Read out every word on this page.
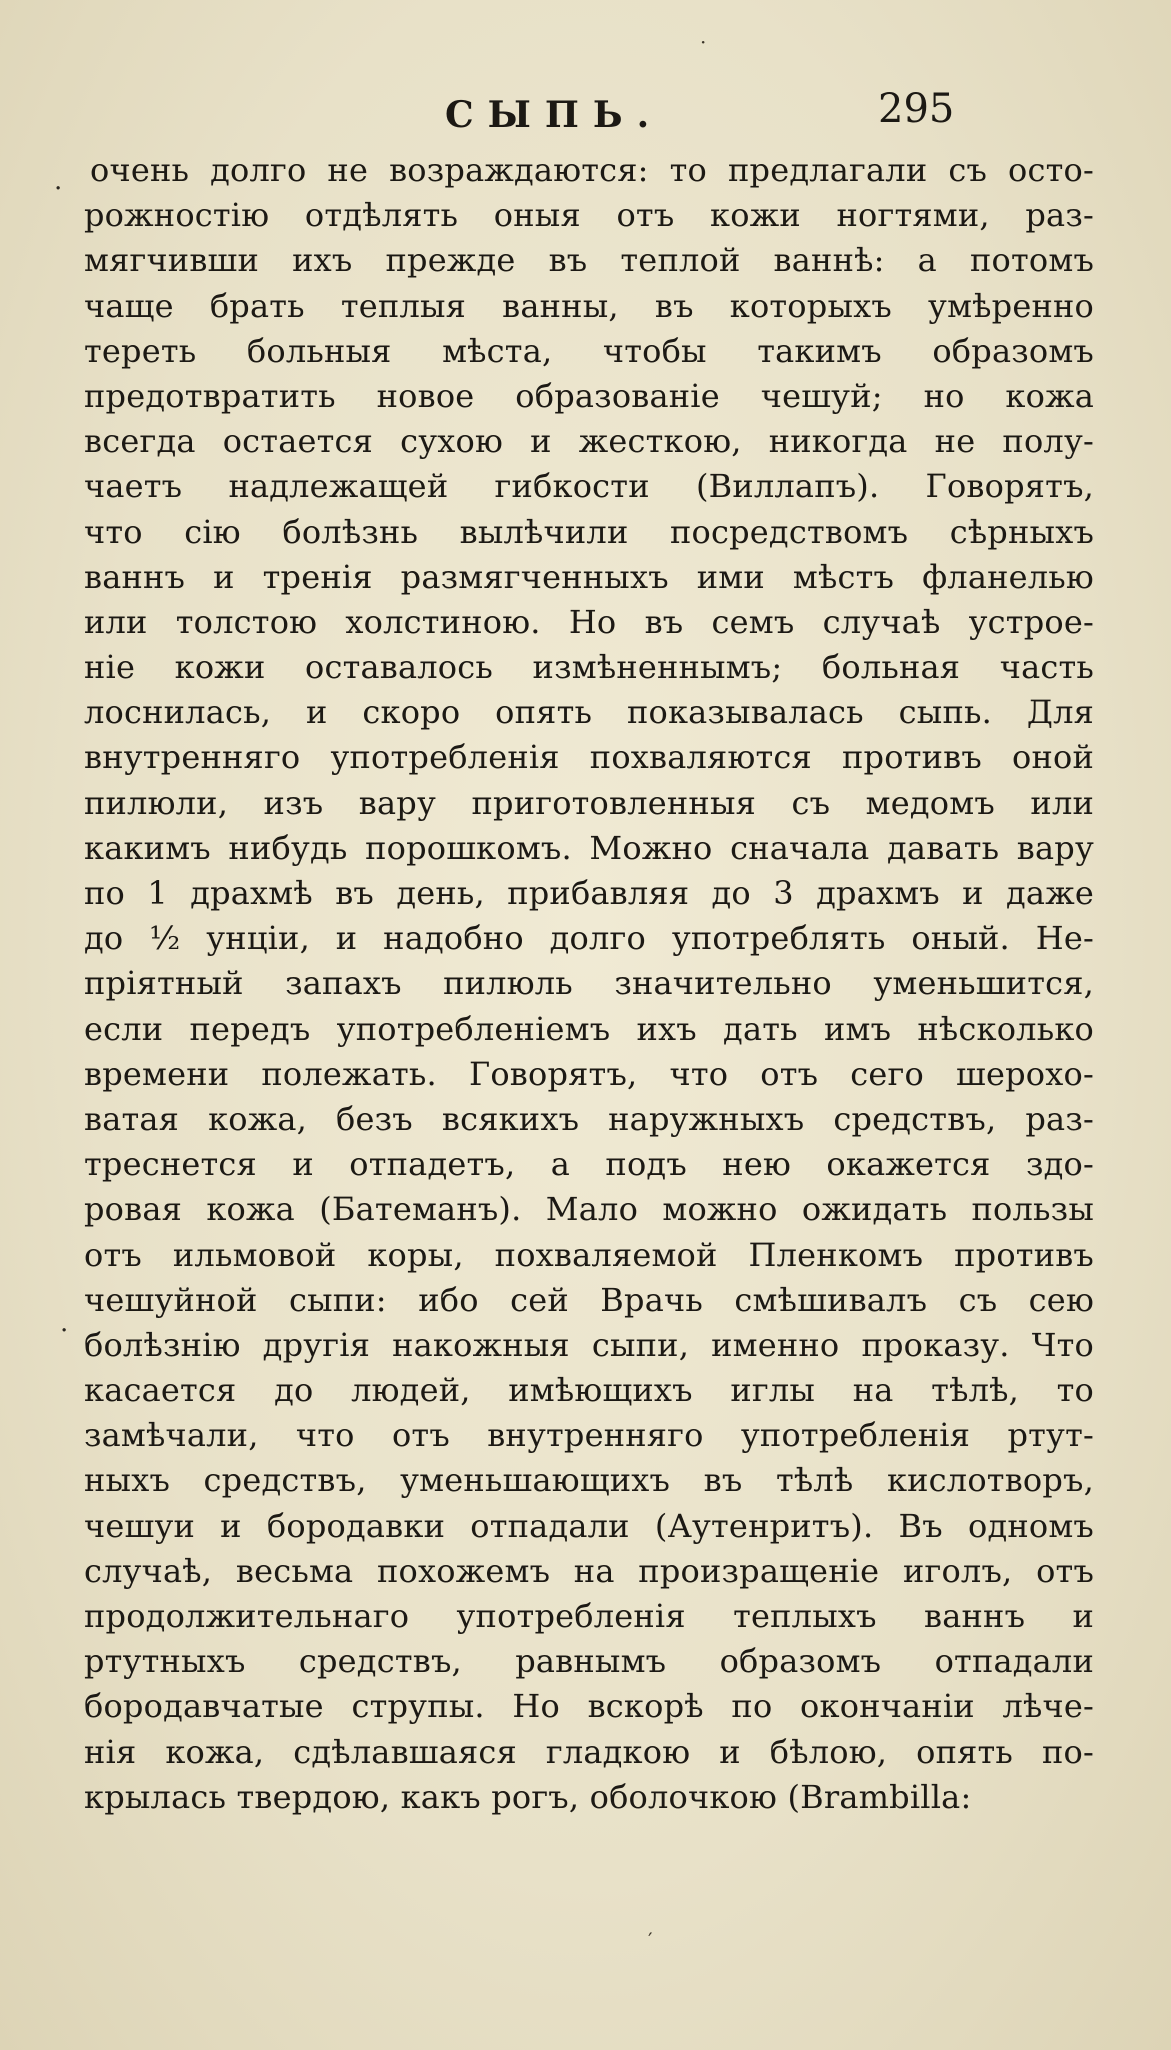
·
′
СЫПЬ.	295
.
.
очень долго не возраждаются: то предлагали съ осто-
рожностію отдѣлять оныя отъ кожи ногтями, раз-
мягчивши ихъ прежде въ теплой ваннѣ: а потомъ
чаще брать теплыя ванны, въ которыхъ умѣренно
тереть больныя мѣста, чтобы такимъ образомъ
предотвратить новое образованіе чешуй; но кожа
всегда остается сухою и жесткою, никогда не полу-
чаетъ надлежащей гибкости (Виллапъ). Говорятъ,
что сію болѣзнь вылѣчили посредствомъ сѣрныхъ
ваннъ и тренія размягченныхъ ими мѣстъ фланелью
или толстою холстиною. Но въ семъ случаѣ устрое-
ніе кожи оставалось измѣненнымъ; больная часть
лоснилась, и скоро опять показывалась сыпь. Для
внутренняго употребленія похваляются противъ оной
пилюли, изъ вару приготовленныя съ медомъ или
какимъ нибудь порошкомъ. Можно сначала давать вару
по 1 драхмѣ въ день, прибавляя до 3 драхмъ и даже
до ½ унціи, и надобно долго употреблять оный. Не-
пріятный запахъ пилюль значительно уменьшится,
если передъ употребленіемъ ихъ дать имъ нѣсколько
времени полежать. Говорятъ, что отъ сего шерохо-
ватая кожа, безъ всякихъ наружныхъ средствъ, раз-
треснется и отпадетъ, а подъ нею окажется здо-
ровая кожа (Батеманъ). Мало можно ожидать пользы
отъ ильмовой коры, похваляемой Пленкомъ противъ
чешуйной сыпи: ибо сей Врачь смѣшивалъ съ сею
болѣзнію другія накожныя сыпи, именно проказу. Что
касается до людей, имѣющихъ иглы на тѣлѣ, то
замѣчали, что отъ внутренняго употребленія ртут-
ныхъ средствъ, уменьшающихъ въ тѣлѣ кислотворъ,
чешуи и бородавки отпадали (Аутенритъ). Въ одномъ
случаѣ, весьма похожемъ на произращеніе иголъ, отъ
продолжительнаго употребленія теплыхъ ваннъ и
ртутныхъ средствъ, равнымъ образомъ отпадали
бородавчатые струпы. Но вскорѣ по окончаніи лѣче-
нія кожа, сдѣлавшаяся гладкою и бѣлою, опять по-
крылась твердою, какъ рогъ, оболочкою (Brambilla:
